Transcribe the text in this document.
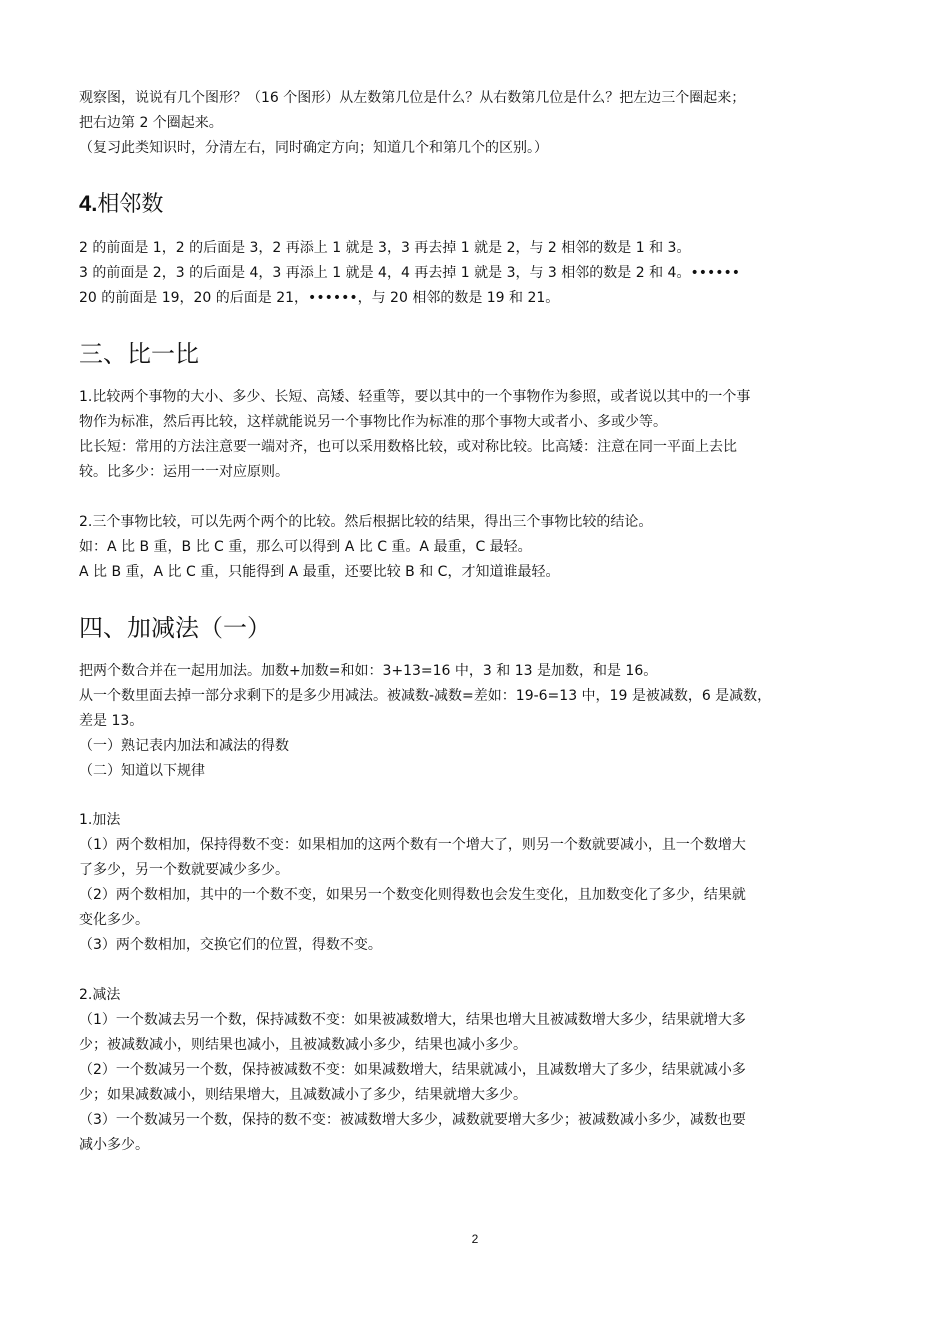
观察图，说说有几个图形？（16 个图形）从左数第几位是什么？从右数第几位是什么？把左边三个圈起来；

把右边第 2 个圈起来。

（复习此类知识时，分清左右，同时确定方向；知道几个和第几个的区别。）

4.相邻数

2 的前面是 1，2 的后面是 3，2 再添上 1 就是 3，3 再去掉 1 就是 2，与 2 相邻的数是 1 和 3。

3 的前面是 2，3 的后面是 4，3 再添上 1 就是 4，4 再去掉 1 就是 3，与 3 相邻的数是 2 和 4。••••••

20 的前面是 19，20 的后面是 21，••••••，与 20 相邻的数是 19 和 21。

三、比一比

1.比较两个事物的大小、多少、长短、高矮、轻重等，要以其中的一个事物作为参照，或者说以其中的一个事

物作为标准，然后再比较，这样就能说另一个事物比作为标准的那个事物大或者小、多或少等。

比长短：常用的方法注意要一端对齐，也可以采用数格比较，或对称比较。比高矮：注意在同一平面上去比

较。比多少：运用一一对应原则。

2.三个事物比较，可以先两个两个的比较。然后根据比较的结果，得出三个事物比较的结论。

如：A 比 B 重，B 比 C 重，那么可以得到 A 比 C 重。A 最重，C 最轻。

A 比 B 重，A 比 C 重，只能得到 A 最重，还要比较 B 和 C，才知道谁最轻。

四、加减法（一）

把两个数合并在一起用加法。加数+加数=和如：3+13=16 中，3 和 13 是加数，和是 16。

从一个数里面去掉一部分求剩下的是多少用减法。被减数-减数=差如：19-6=13 中，19 是被减数，6 是减数，

差是 13。

（一）熟记表内加法和减法的得数

（二）知道以下规律

1.加法

（1）两个数相加，保持得数不变：如果相加的这两个数有一个增大了，则另一个数就要减小，且一个数增大

了多少，另一个数就要减少多少。

（2）两个数相加，其中的一个数不变，如果另一个数变化则得数也会发生变化，且加数变化了多少，结果就

变化多少。

（3）两个数相加，交换它们的位置，得数不变。

2.减法

（1）一个数减去另一个数，保持减数不变：如果被减数增大，结果也增大且被减数增大多少，结果就增大多

少；被减数减小，则结果也减小，且被减数减小多少，结果也减小多少。

（2）一个数减另一个数，保持被减数不变：如果减数增大，结果就减小，且减数增大了多少，结果就减小多

少；如果减数减小，则结果增大，且减数减小了多少，结果就增大多少。

（3）一个数减另一个数，保持的数不变：被减数增大多少，减数就要增大多少；被减数减小多少，减数也要

减小多少。

2
